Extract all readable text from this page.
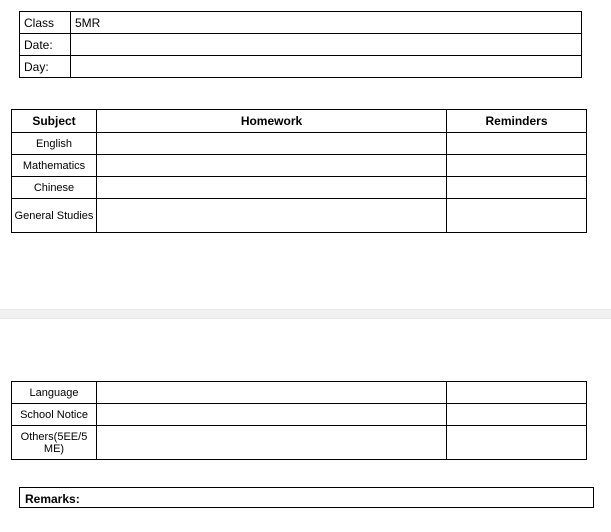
Class	5MR
Date:	
Day:	
Subject	Homework	Reminders
English		
Mathematics		
Chinese		
General Studies		
Language		
School Notice		
Others(5EE/5 ME)		
Remarks:
